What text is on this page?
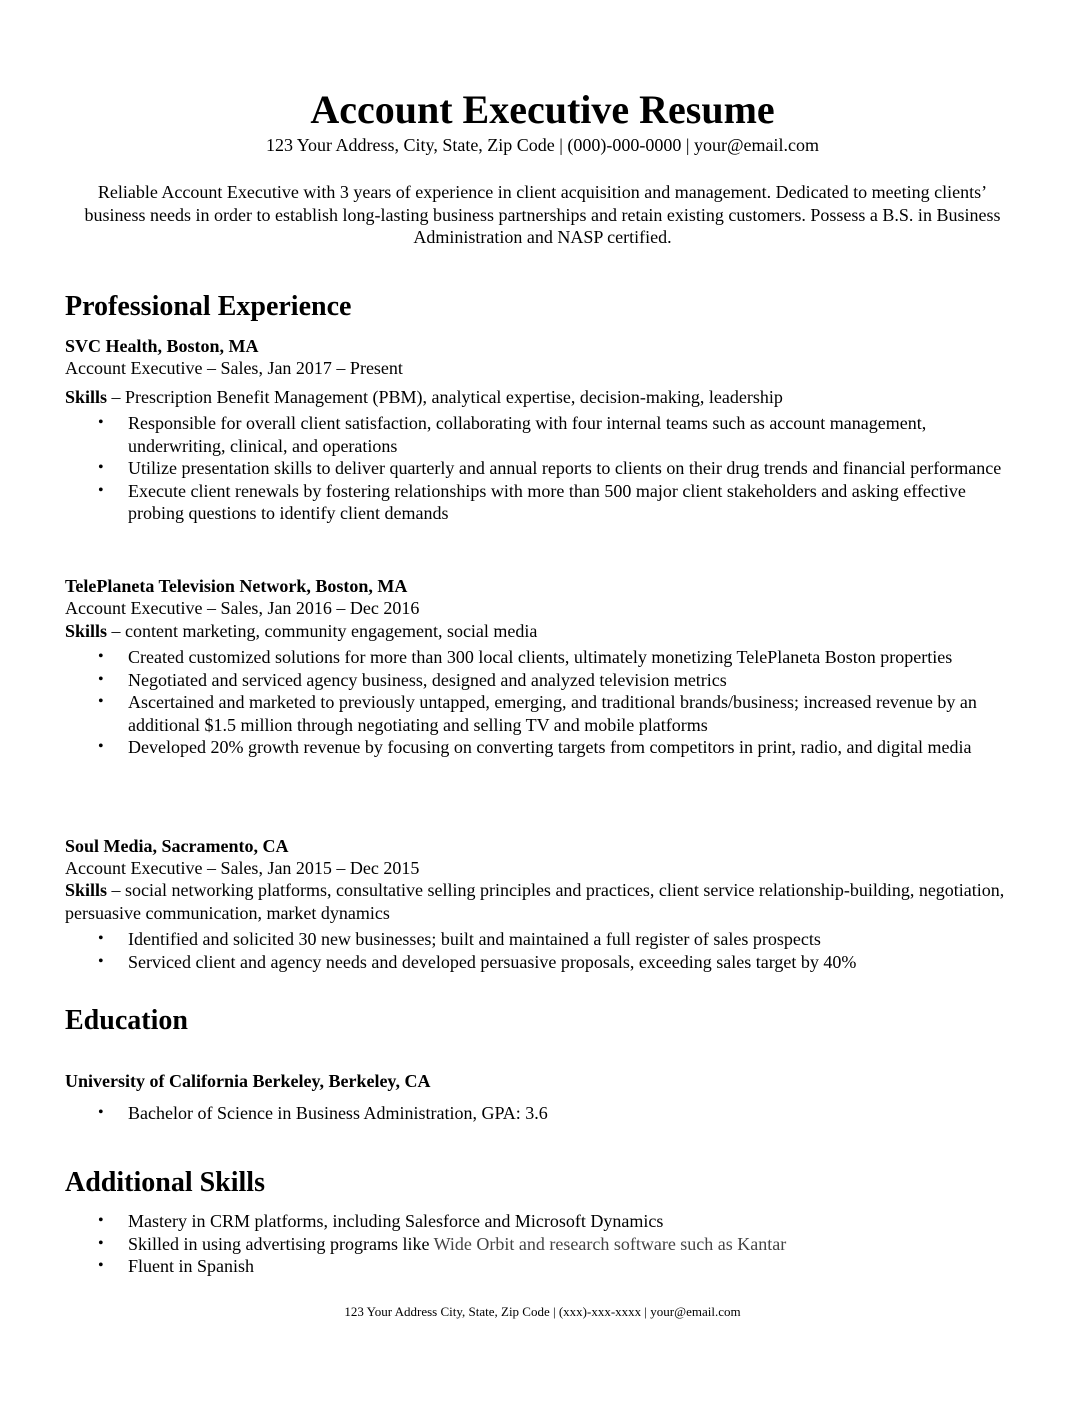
Account Executive Resume
123 Your Address, City, State, Zip Code | (000)-000-0000 | your@email.com
Reliable Account Executive with 3 years of experience in client acquisition and management. Dedicated to meeting clients’ business needs in order to establish long-lasting business partnerships and retain existing customers. Possess a B.S. in Business Administration and NASP certified.
Professional Experience
SVC Health, Boston, MA
Account Executive – Sales, Jan 2017 – Present
Skills – Prescription Benefit Management (PBM), analytical expertise, decision-making, leadership
• Responsible for overall client satisfaction, collaborating with four internal teams such as account management, underwriting, clinical, and operations
• Utilize presentation skills to deliver quarterly and annual reports to clients on their drug trends and financial performance
• Execute client renewals by fostering relationships with more than 500 major client stakeholders and asking effective probing questions to identify client demands
TelePlaneta Television Network, Boston, MA
Account Executive – Sales, Jan 2016 – Dec 2016
Skills – content marketing, community engagement, social media
• Created customized solutions for more than 300 local clients, ultimately monetizing TelePlaneta Boston properties
• Negotiated and serviced agency business, designed and analyzed television metrics
• Ascertained and marketed to previously untapped, emerging, and traditional brands/business; increased revenue by an additional $1.5 million through negotiating and selling TV and mobile platforms
• Developed 20% growth revenue by focusing on converting targets from competitors in print, radio, and digital media
Soul Media, Sacramento, CA
Account Executive – Sales, Jan 2015 – Dec 2015
Skills – social networking platforms, consultative selling principles and practices, client service relationship-building, negotiation, persuasive communication, market dynamics
• Identified and solicited 30 new businesses; built and maintained a full register of sales prospects
• Serviced client and agency needs and developed persuasive proposals, exceeding sales target by 40%
Education
University of California Berkeley, Berkeley, CA
• Bachelor of Science in Business Administration, GPA: 3.6
Additional Skills
• Mastery in CRM platforms, including Salesforce and Microsoft Dynamics
• Skilled in using advertising programs like Wide Orbit and research software such as Kantar
• Fluent in Spanish
123 Your Address City, State, Zip Code | (xxx)-xxx-xxxx | your@email.com
